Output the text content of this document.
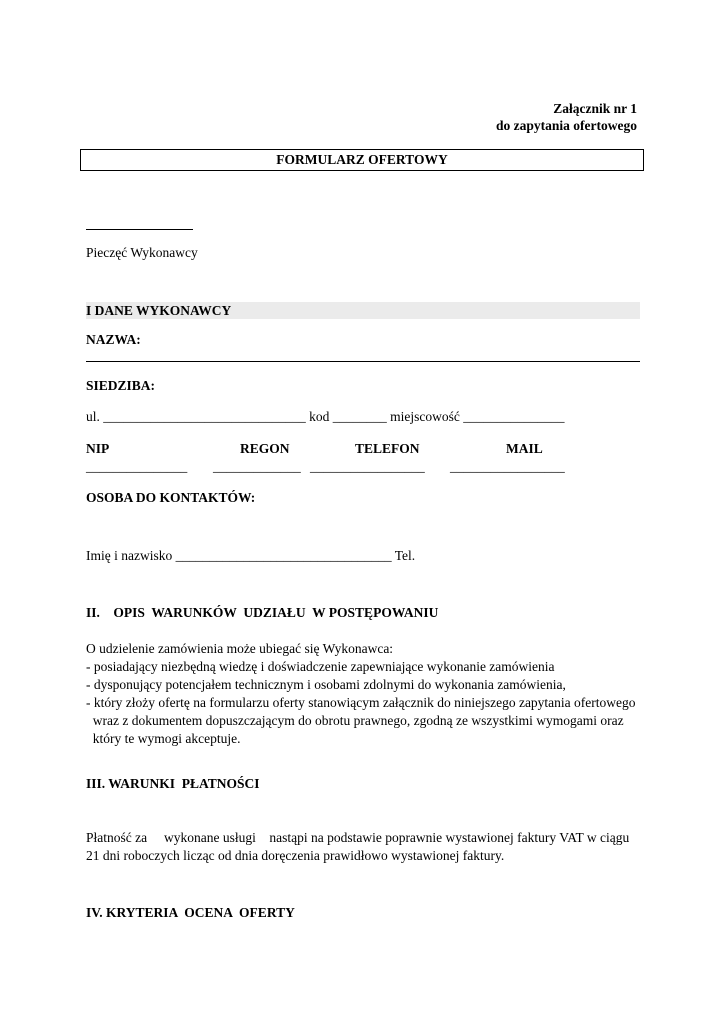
Załącznik nr 1
do zapytania ofertowego
FORMULARZ OFERTOWY
Pieczęć Wykonawcy
I DANE WYKONAWCY
NAZWA:
SIEDZIBA:
ul. ______________________________ kod ________ miejscowość _______________
NIP	REGON	TELEFON	MAIL
_______________ _____________ _________________ _________________
OSOBA DO KONTAKTÓW:
Imię i nazwisko ________________________________ Tel.
II.    OPIS  WARUNKÓW  UDZIAŁU  W POSTĘPOWANIU
O udzielenie zamówienia może ubiegać się Wykonawca:
- posiadający niezbędną wiedzę i doświadczenie zapewniające wykonanie zamówienia
- dysponujący potencjałem technicznym i osobami zdolnymi do wykonania zamówienia,
- który złoży ofertę na formularzu oferty stanowiącym załącznik do niniejszego zapytania ofertowego
wraz z dokumentem dopuszczającym do obrotu prawnego, zgodną ze wszystkimi wymogami oraz
który te wymogi akceptuje.
III. WARUNKI  PŁATNOŚCI
Płatność za     wykonane usługi    nastąpi na podstawie poprawnie wystawionej faktury VAT w ciągu
21 dni roboczych licząc od dnia doręczenia prawidłowo wystawionej faktury.
IV. KRYTERIA  OCENA  OFERTY
